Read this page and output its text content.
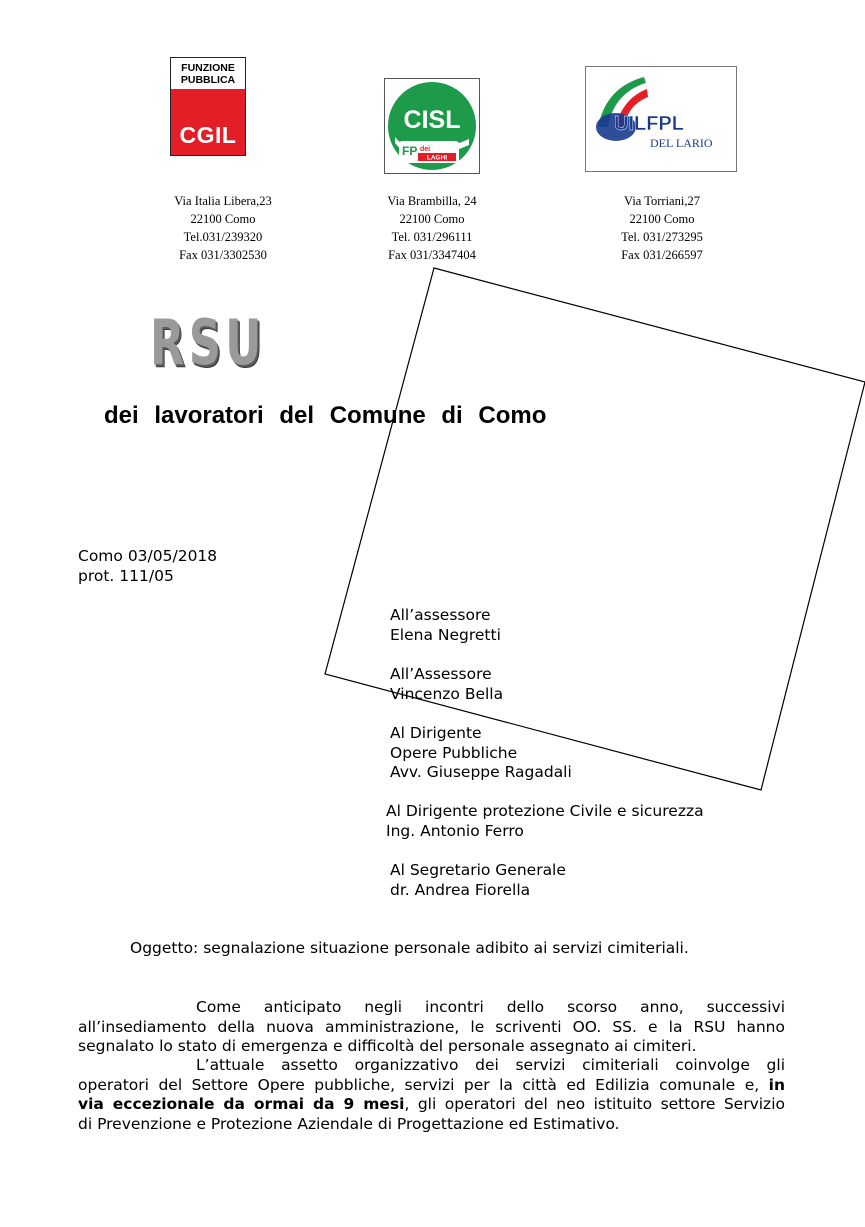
FUNZIONE
PUBBLICA
CGIL
CISL
FP dei
LAGHI
UILFPL
DEL LARIO
Via Italia Libera,23
22100 Como
Tel.031/239320
Fax 031/3302530
Via Brambilla, 24
22100 Como
Tel. 031/296111
Fax 031/3347404
Via Torriani,27
22100 Como
Tel. 031/273295
Fax 031/266597
RSU
dei lavoratori del Comune di Como
Como 03/05/2018
prot. 111/05
All’assessore
Elena Negretti
All’Assessore
Vincenzo Bella
Al Dirigente
Opere Pubbliche
Avv. Giuseppe Ragadali
Al Dirigente protezione Civile e sicurezza
Ing. Antonio Ferro
Al Segretario Generale
dr. Andrea Fiorella
Oggetto: segnalazione situazione personale adibito ai servizi cimiteriali.
Come anticipato negli incontri dello scorso anno, successivi
all’insediamento della nuova amministrazione, le scriventi OO. SS. e la RSU hanno
segnalato lo stato di emergenza e difficoltà del personale assegnato ai cimiteri.
L’attuale assetto organizzativo dei servizi cimiteriali coinvolge gli
operatori del Settore Opere pubbliche, servizi per la città ed Edilizia comunale e, in
via eccezionale da ormai da 9 mesi, gli operatori del neo istituito settore Servizio
di Prevenzione e Protezione Aziendale di Progettazione ed Estimativo.
